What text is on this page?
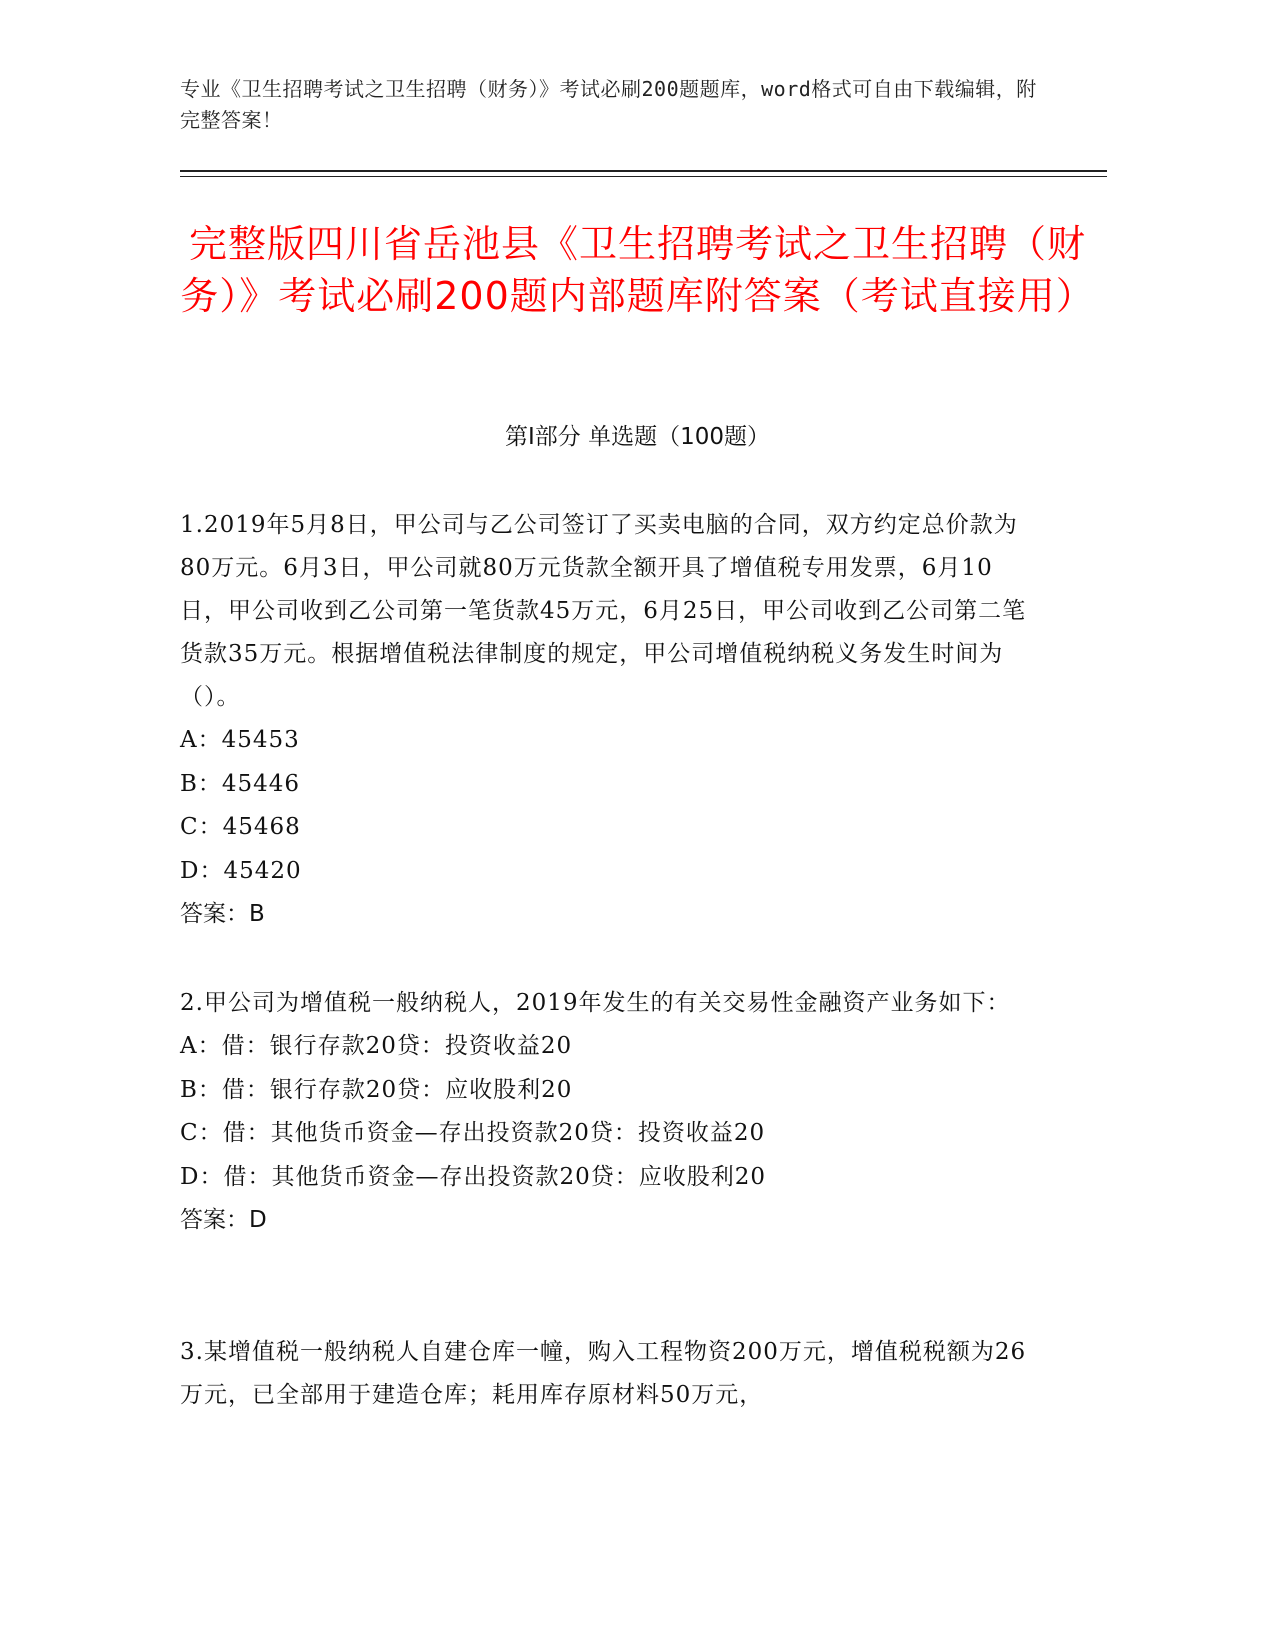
专业《卫生招聘考试之卫生招聘（财务）》考试必刷200题题库，word格式可自由下载编辑，附完整答案！
完整版四川省岳池县《卫生招聘考试之卫生招聘（财务）》考试必刷200题内部题库附答案（考试直接用）
第I部分 单选题（100题）
1.2019年5月8日，甲公司与乙公司签订了买卖电脑的合同，双方约定总价款为80万元。6月3日，甲公司就80万元货款全额开具了增值税专用发票，6月10日，甲公司收到乙公司第一笔货款45万元，6月25日，甲公司收到乙公司第二笔货款35万元。根据增值税法律制度的规定，甲公司增值税纳税义务发生时间为（）。
A：45453
B：45446
C：45468
D：45420
答案：B
2.甲公司为增值税一般纳税人，2019年发生的有关交易性金融资产业务如下：
A：借：银行存款20贷：投资收益20
B：借：银行存款20贷：应收股利20
C：借：其他货币资金—存出投资款20贷：投资收益20
D：借：其他货币资金—存出投资款20贷：应收股利20
答案：D
3.某增值税一般纳税人自建仓库一幢，购入工程物资200万元，增值税税额为26万元，已全部用于建造仓库；耗用库存原材料50万元，
